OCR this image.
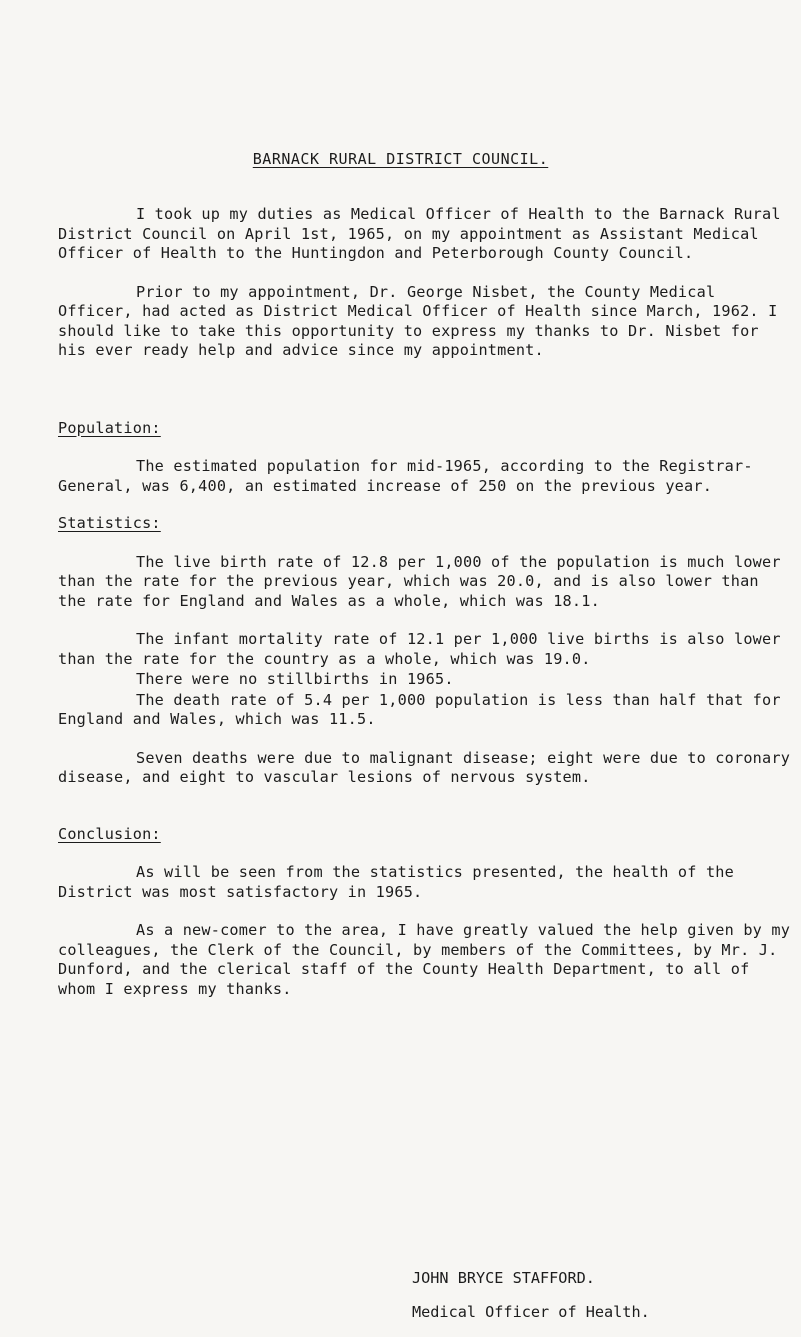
BARNACK RURAL DISTRICT COUNCIL.

I took up my duties as Medical Officer of Health to the Barnack Rural District Council on April 1st, 1965, on my appointment as Assistant Medical Officer of Health to the Huntingdon and Peterborough County Council.

Prior to my appointment, Dr. George Nisbet, the County Medical Officer, had acted as District Medical Officer of Health since March, 1962. I should like to take this opportunity to express my thanks to Dr. Nisbet for his ever ready help and advice since my appointment.

Population:

The estimated population for mid-1965, according to the Registrar-General, was 6,400, an estimated increase of 250 on the previous year.

Statistics:

The live birth rate of 12.8 per 1,000 of the population is much lower than the rate for the previous year, which was 20.0, and is also lower than the rate for England and Wales as a whole, which was 18.1.

The infant mortality rate of 12.1 per 1,000 live births is also lower than the rate for the country as a whole, which was 19.0.

There were no stillbirths in 1965.

The death rate of 5.4 per 1,000 population is less than half that for England and Wales, which was 11.5.

Seven deaths were due to malignant disease; eight were due to coronary disease, and eight to vascular lesions of nervous system.

Conclusion:

As will be seen from the statistics presented, the health of the District was most satisfactory in 1965.

As a new-comer to the area, I have greatly valued the help given by my colleagues, the Clerk of the Council, by members of the Committees, by Mr. J. Dunford, and the clerical staff of the County Health Department, to all of whom I express my thanks.

JOHN BRYCE STAFFORD.
Medical Officer of Health.
